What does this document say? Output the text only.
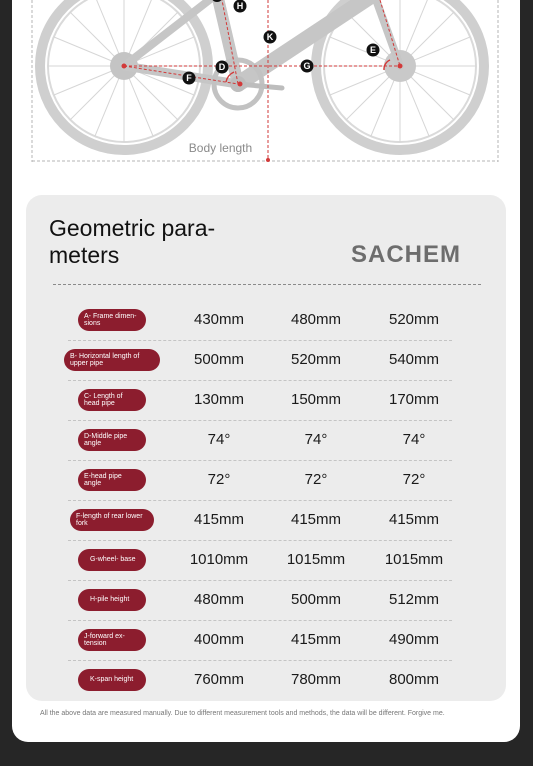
H
K
E
D	G
F
Body length
Geometric para-
meters	SACHEM
A- Frame dimen- sions	430mm	480mm	520mm
B- Horizontal length of upper pipe	500mm	520mm	540mm
C- Length of head pipe	130mm	150mm	170mm
D-Middle pipe angle	74°	74°	74°
E-head pipe angle	72°	72°	72°
F-length of rear lower fork	415mm	415mm	415mm
G-wheel- base	1010mm	1015mm	1015mm
H-pile height	480mm	500mm	512mm
J-forward ex- tension	400mm	415mm	490mm
K-span height	760mm	780mm	800mm
All the above data are measured manually. Due to different measurement tools and methods, the data will be different. Forgive me.
